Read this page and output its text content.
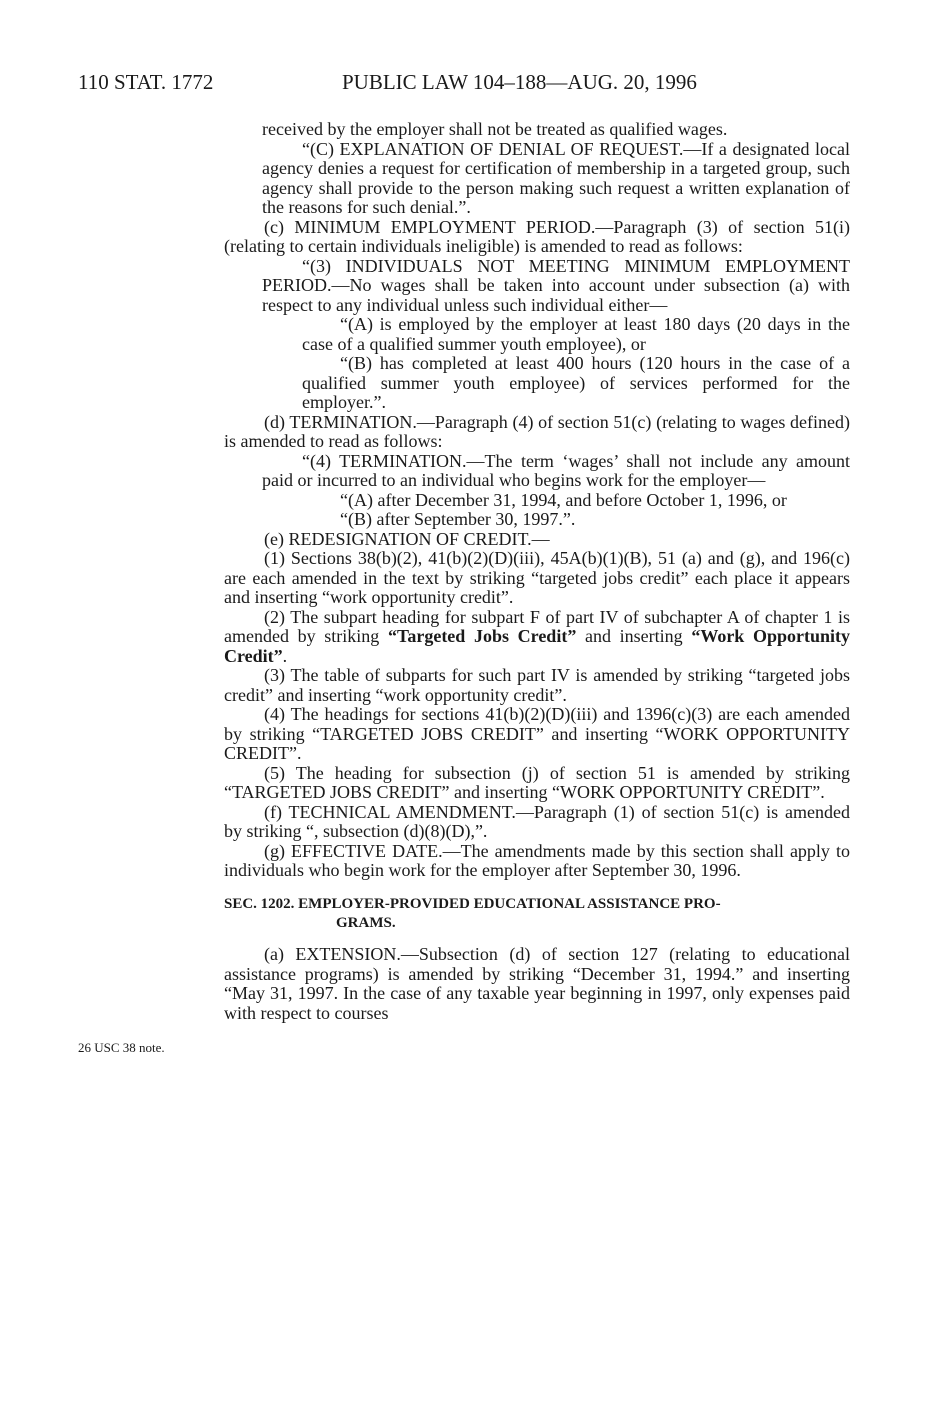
110 STAT. 1772	PUBLIC LAW 104–188—AUG. 20, 1996
26 USC 38 note.

received by the employer shall not be treated as qualified wages.

“(C) EXPLANATION OF DENIAL OF REQUEST.—If a designated local agency denies a request for certification of membership in a targeted group, such agency shall provide to the person making such request a written explanation of the reasons for such denial.”.

(c) MINIMUM EMPLOYMENT PERIOD.—Paragraph (3) of section 51(i) (relating to certain individuals ineligible) is amended to read as follows:

“(3) INDIVIDUALS NOT MEETING MINIMUM EMPLOYMENT PERIOD.—No wages shall be taken into account under subsection (a) with respect to any individual unless such individual either—

“(A) is employed by the employer at least 180 days (20 days in the case of a qualified summer youth employee), or

“(B) has completed at least 400 hours (120 hours in the case of a qualified summer youth employee) of services performed for the employer.”.

(d) TERMINATION.—Paragraph (4) of section 51(c) (relating to wages defined) is amended to read as follows:

“(4) TERMINATION.—The term ‘wages’ shall not include any amount paid or incurred to an individual who begins work for the employer—

“(A) after December 31, 1994, and before October 1, 1996, or

“(B) after September 30, 1997.”.

(e) REDESIGNATION OF CREDIT.—

(1) Sections 38(b)(2), 41(b)(2)(D)(iii), 45A(b)(1)(B), 51 (a) and (g), and 196(c) are each amended in the text by striking “targeted jobs credit” each place it appears and inserting “work opportunity credit”.

(2) The subpart heading for subpart F of part IV of subchapter A of chapter 1 is amended by striking “Targeted Jobs Credit” and inserting “Work Opportunity Credit”.

(3) The table of subparts for such part IV is amended by striking “targeted jobs credit” and inserting “work opportunity credit”.

(4) The headings for sections 41(b)(2)(D)(iii) and 1396(c)(3) are each amended by striking “TARGETED JOBS CREDIT” and inserting “WORK OPPORTUNITY CREDIT”.

(5) The heading for subsection (j) of section 51 is amended by striking “TARGETED JOBS CREDIT” and inserting “WORK OPPORTUNITY CREDIT”.

(f) TECHNICAL AMENDMENT.—Paragraph (1) of section 51(c) is amended by striking “, subsection (d)(8)(D),”.

(g) EFFECTIVE DATE.—The amendments made by this section shall apply to individuals who begin work for the employer after September 30, 1996.

SEC. 1202. EMPLOYER-PROVIDED EDUCATIONAL ASSISTANCE PRO-

GRAMS.

(a) EXTENSION.—Subsection (d) of section 127 (relating to educational assistance programs) is amended by striking “December 31, 1994.” and inserting “May 31, 1997. In the case of any taxable year beginning in 1997, only expenses paid with respect to courses
